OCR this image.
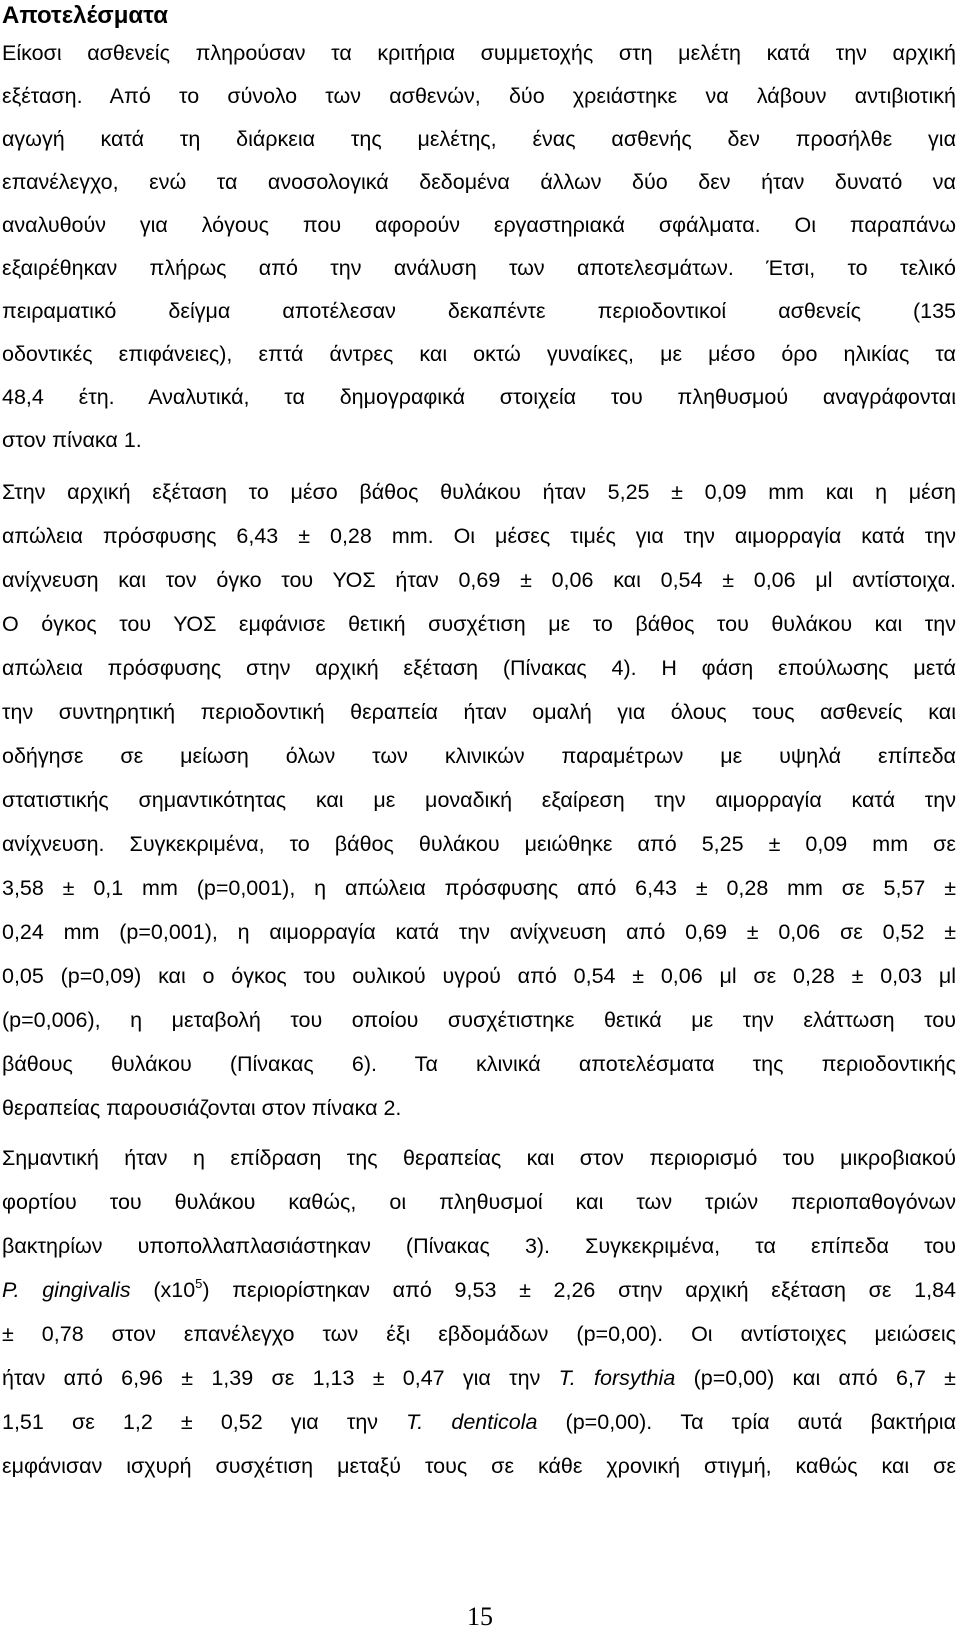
Αποτελέσματα
Είκοσι ασθενείς πληρούσαν τα κριτήρια συμμετοχής στη μελέτη κατά την αρχική
εξέταση. Από το σύνολο των ασθενών, δύο χρειάστηκε να λάβουν αντιβιοτική
αγωγή κατά τη διάρκεια της μελέτης, ένας ασθενής δεν προσήλθε για
επανέλεγχο, ενώ τα ανοσολογικά δεδομένα άλλων δύο δεν ήταν δυνατό να
αναλυθούν για λόγους που αφορούν εργαστηριακά σφάλματα. Οι παραπάνω
εξαιρέθηκαν πλήρως από την ανάλυση των αποτελεσμάτων. Έτσι, το τελικό
πειραματικό δείγμα αποτέλεσαν δεκαπέντε περιοδοντικοί ασθενείς (135
οδοντικές επιφάνειες), επτά άντρες και οκτώ γυναίκες, με μέσο όρο ηλικίας τα
48,4 έτη. Αναλυτικά, τα δημογραφικά στοιχεία του πληθυσμού αναγράφονται
στον πίνακα 1.
Στην αρχική εξέταση το μέσο βάθος θυλάκου ήταν 5,25 ± 0,09 mm και η μέση
απώλεια πρόσφυσης 6,43 ± 0,28 mm. Οι μέσες τιμές για την αιμορραγία κατά την
ανίχνευση και τον όγκο του ΥΟΣ ήταν 0,69 ± 0,06 και 0,54 ± 0,06 μl αντίστοιχα.
Ο όγκος του ΥΟΣ εμφάνισε θετική συσχέτιση με το βάθος του θυλάκου και την
απώλεια πρόσφυσης στην αρχική εξέταση (Πίνακας 4). Η φάση επούλωσης μετά
την συντηρητική περιοδοντική θεραπεία ήταν ομαλή για όλους τους ασθενείς και
οδήγησε σε μείωση όλων των κλινικών παραμέτρων με υψηλά επίπεδα
στατιστικής σημαντικότητας και με μοναδική εξαίρεση την αιμορραγία κατά την
ανίχνευση. Συγκεκριμένα, το βάθος θυλάκου μειώθηκε από 5,25 ± 0,09 mm σε
3,58 ± 0,1 mm (p=0,001), η απώλεια πρόσφυσης από 6,43 ± 0,28 mm σε 5,57 ±
0,24 mm (p=0,001), η αιμορραγία κατά την ανίχνευση από 0,69 ± 0,06 σε 0,52 ±
0,05 (p=0,09) και ο όγκος του ουλικού υγρού από 0,54 ± 0,06 μl σε 0,28 ± 0,03 μl
(p=0,006), η μεταβολή του οποίου συσχέτιστηκε θετικά με την ελάττωση του
βάθους θυλάκου (Πίνακας 6). Τα κλινικά αποτελέσματα της περιοδοντικής
θεραπείας παρουσιάζονται στον πίνακα 2.
Σημαντική ήταν η επίδραση της θεραπείας και στον περιορισμό του μικροβιακού
φορτίου του θυλάκου καθώς, οι πληθυσμοί και των τριών περιοπαθογόνων
βακτηρίων υποπολλαπλασιάστηκαν (Πίνακας 3). Συγκεκριμένα, τα επίπεδα του
P. gingivalis $(x10^5)$ περιορίστηκαν από 9,53 ± 2,26 στην αρχική εξέταση σε 1,84
± 0,78 στον επανέλεγχο των έξι εβδομάδων (p=0,00). Οι αντίστοιχες μειώσεις
ήταν από 6,96 ± 1,39 σε 1,13 ± 0,47 για την T. forsythia (p=0,00) και από 6,7 ±
1,51 σε 1,2 ± 0,52 για την T. denticola (p=0,00). Τα τρία αυτά βακτήρια
εμφάνισαν ισχυρή συσχέτιση μεταξύ τους σε κάθε χρονική στιγμή, καθώς και σε
15
